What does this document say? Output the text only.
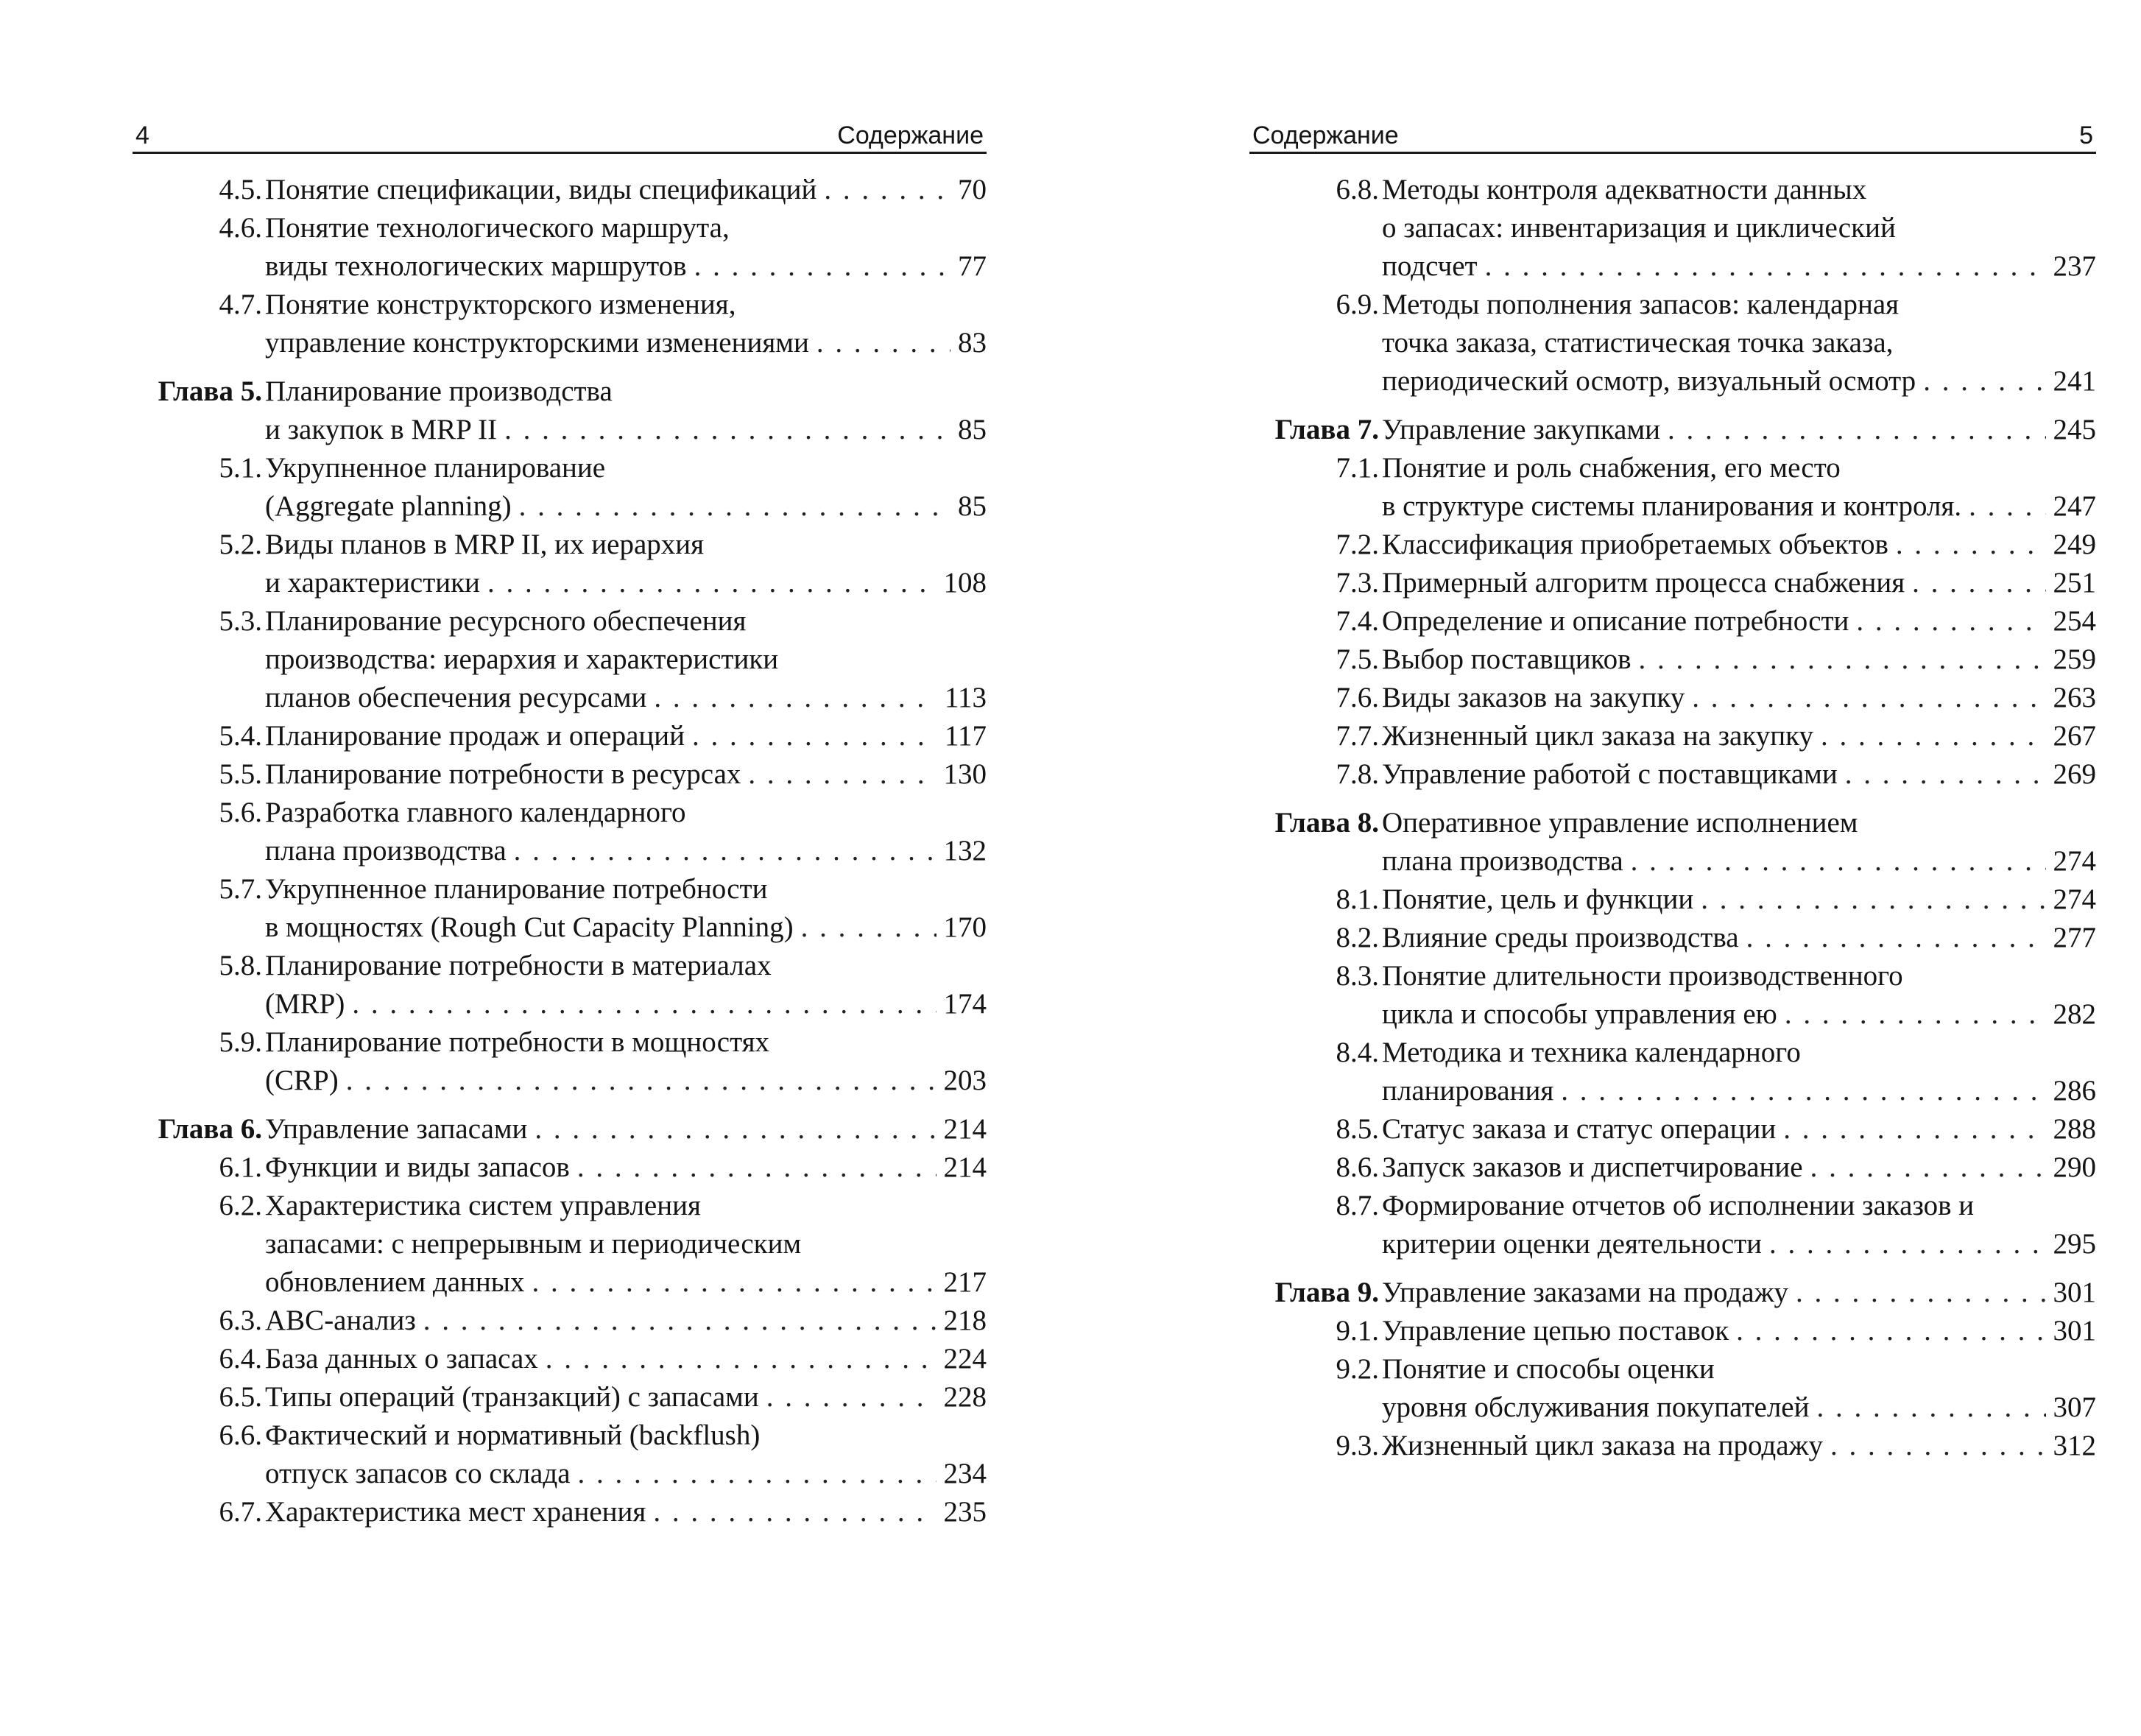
4	Содержание
4.5. Понятие спецификации, виды спецификаций . . .	70
4.6. Понятие технологического маршрута,
виды технологических маршрутов . . .	77
4.7. Понятие конструкторского изменения,
управление конструкторскими изменениями . . .	83
Глава 5. Планирование производства
и закупок в MRP II . . .	85
5.1. Укрупненное планирование
(Aggregate planning) . . .	85
5.2. Виды планов в MRP II, их иерархия
и характеристики . . .	108
5.3. Планирование ресурсного обеспечения
производства: иерархия и характеристики
планов обеспечения ресурсами . . .	113
5.4. Планирование продаж и операций . . .	117
5.5. Планирование потребности в ресурсах . . .	130
5.6. Разработка главного календарного
плана производства . . .	132
5.7. Укрупненное планирование потребности
в мощностях (Rough Cut Capacity Planning) . . .	170
5.8. Планирование потребности в материалах
(MRP) . . .	174
5.9. Планирование потребности в мощностях
(CRP) . . .	203
Глава 6. Управление запасами . . .	214
6.1. Функции и виды запасов . . .	214
6.2. Характеристика систем управления
запасами: с непрерывным и периодическим
обновлением данных . . .	217
6.3. ABC-анализ . . .	218
6.4. База данных о запасах . . .	224
6.5. Типы операций (транзакций) с запасами . . .	228
6.6. Фактический и нормативный (backflush)
отпуск запасов со склада . . .	234
6.7. Характеристика мест хранения . . .	235
Содержание	5
6.8. Методы контроля адекватности данных
о запасах: инвентаризация и циклический
подсчет . . .	237
6.9. Методы пополнения запасов: календарная
точка заказа, статистическая точка заказа,
периодический осмотр, визуальный осмотр . . .	241
Глава 7. Управление закупками . . .	245
7.1. Понятие и роль снабжения, его место
в структуре системы планирования и контроля. . . .	247
7.2. Классификация приобретаемых объектов . . .	249
7.3. Примерный алгоритм процесса снабжения . . .	251
7.4. Определение и описание потребности . . .	254
7.5. Выбор поставщиков . . .	259
7.6. Виды заказов на закупку . . .	263
7.7. Жизненный цикл заказа на закупку . . .	267
7.8. Управление работой с поставщиками . . .	269
Глава 8. Оперативное управление исполнением
плана производства . . .	274
8.1. Понятие, цель и функции . . .	274
8.2. Влияние среды производства . . .	277
8.3. Понятие длительности производственного
цикла и способы управления ею . . .	282
8.4. Методика и техника календарного
планирования . . .	286
8.5. Статус заказа и статус операции . . .	288
8.6. Запуск заказов и диспетчирование . . .	290
8.7. Формирование отчетов об исполнении заказов и
критерии оценки деятельности . . .	295
Глава 9. Управление заказами на продажу . . .	301
9.1. Управление цепью поставок . . .	301
9.2. Понятие и способы оценки
уровня обслуживания покупателей . . .	307
9.3. Жизненный цикл заказа на продажу . . .	312
